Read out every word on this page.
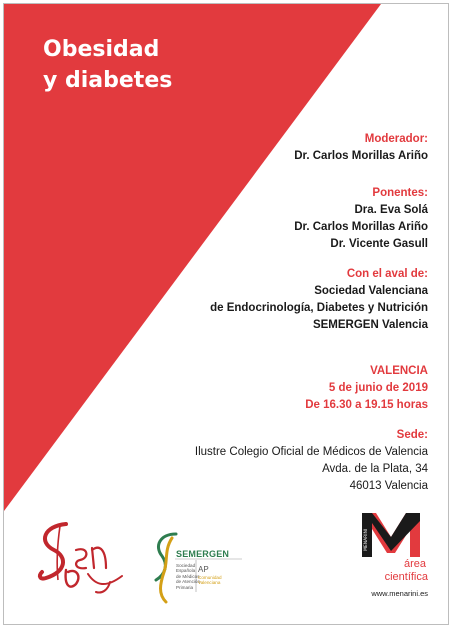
Obesidad
y diabetes
Moderador:
Dr. Carlos Morillas Ariño
Ponentes:
Dra. Eva Solá
Dr. Carlos Morillas Ariño
Dr. Vicente Gasull
Con el aval de:
Sociedad Valenciana
de Endocrinología, Diabetes y Nutrición
SEMERGEN Valencia
VALENCIA
5 de junio de 2019
De 16.30 a 19.15 horas
Sede:
Ilustre Colegio Oficial de Médicos de Valencia
Avda. de la Plata, 34
46013 Valencia
SEMERGEN
Sociedad
Española
de Médicos
de Atención
Primaria
AP
Comunidad
Valenciana
MENARINI
área
científica
www.menarini.es
